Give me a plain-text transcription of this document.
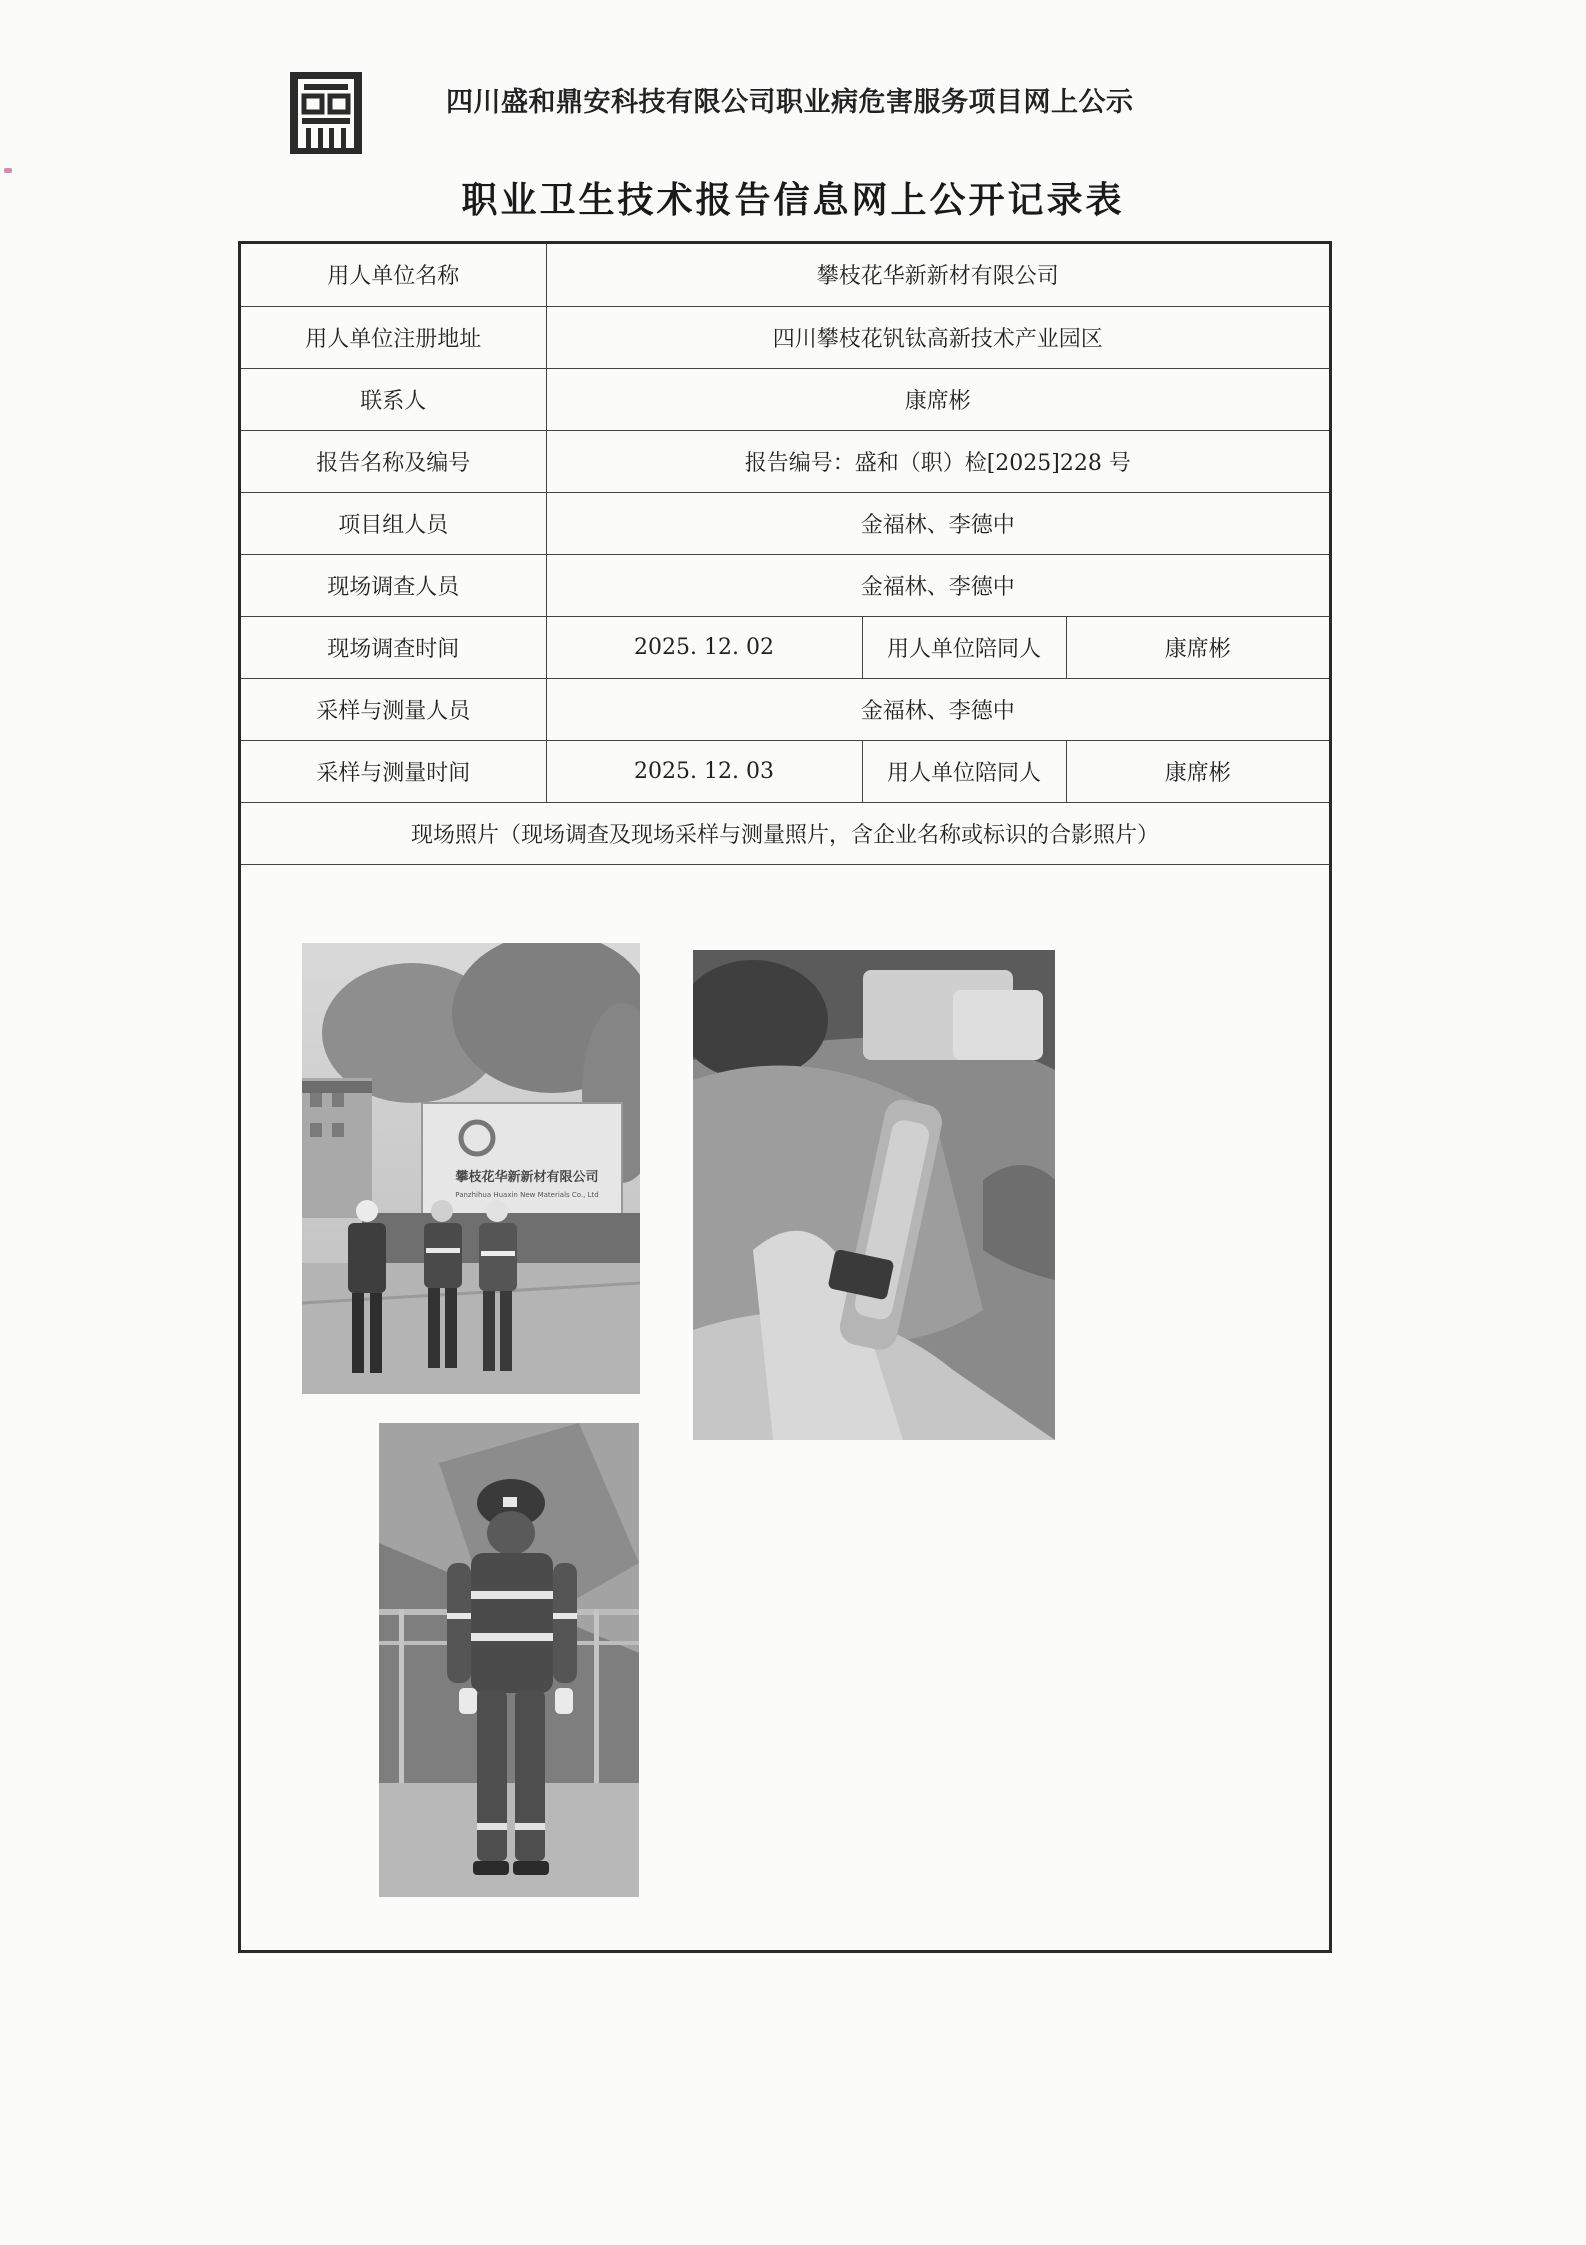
四川盛和鼎安科技有限公司职业病危害服务项目网上公示
职业卫生技术报告信息网上公开记录表
用人单位名称	攀枝花华新新材有限公司		
用人单位注册地址	四川攀枝花钒钛高新技术产业园区		
联系人	康席彬		
报告名称及编号	报告编号：盛和（职）检[2025]228 号		
项目组人员	金福林、李德中		
现场调查人员	金福林、李德中		
现场调查时间	2025. 12. 02	用人单位陪同人	康席彬
采样与测量人员	金福林、李德中		
采样与测量时间	2025. 12. 03	用人单位陪同人	康席彬
现场照片（现场调查及现场采样与测量照片，含企业名称或标识的合影照片）			
攀枝花华新新材有限公司
Panzhihua Huaxin New Materials Co., Ltd
